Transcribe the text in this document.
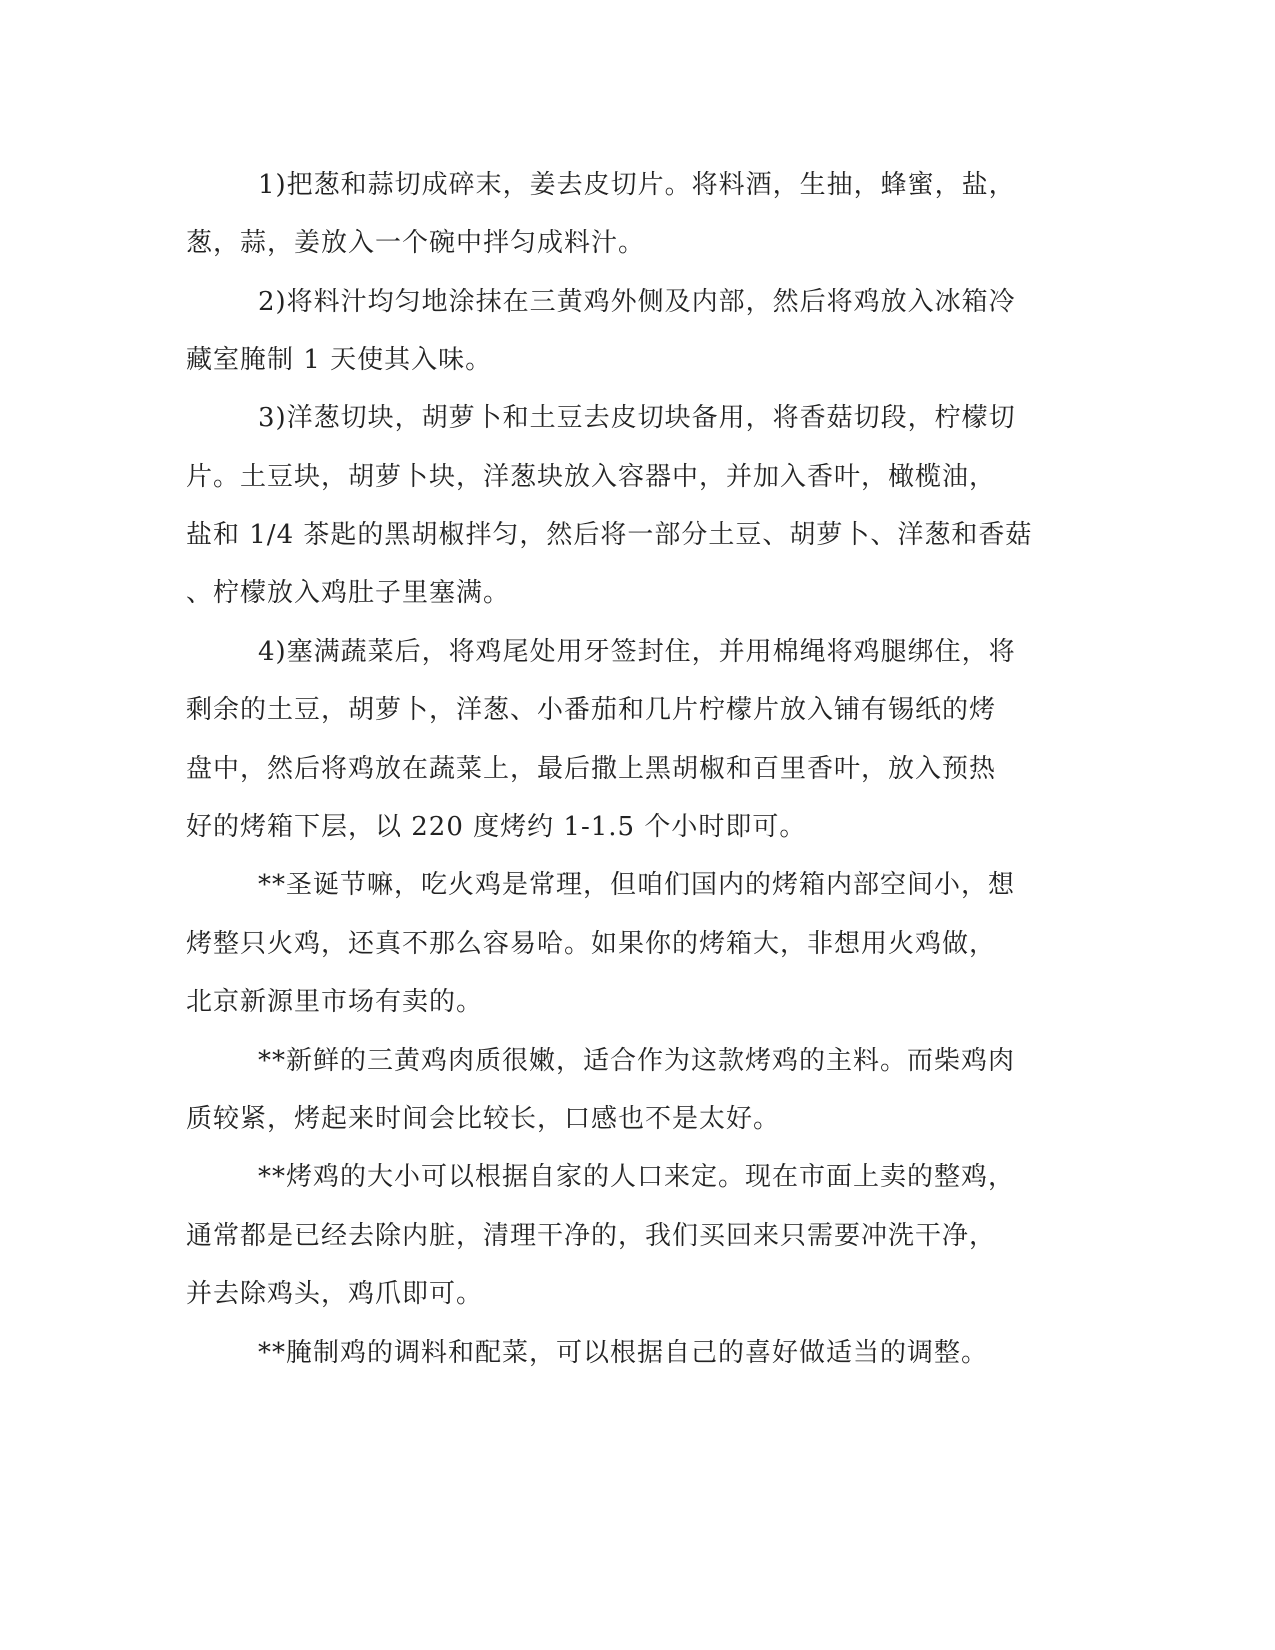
1)把葱和蒜切成碎末，姜去皮切片。将料酒，生抽，蜂蜜，盐，
葱，蒜，姜放入一个碗中拌匀成料汁。
2)将料汁均匀地涂抹在三黄鸡外侧及内部，然后将鸡放入冰箱冷
藏室腌制 1 天使其入味。
3)洋葱切块，胡萝卜和土豆去皮切块备用，将香菇切段，柠檬切
片。土豆块，胡萝卜块，洋葱块放入容器中，并加入香叶，橄榄油，
盐和 1/4 茶匙的黑胡椒拌匀，然后将一部分土豆、胡萝卜、洋葱和香菇
、柠檬放入鸡肚子里塞满。
4)塞满蔬菜后，将鸡尾处用牙签封住，并用棉绳将鸡腿绑住，将
剩余的土豆，胡萝卜，洋葱、小番茄和几片柠檬片放入铺有锡纸的烤
盘中，然后将鸡放在蔬菜上，最后撒上黑胡椒和百里香叶，放入预热
好的烤箱下层，以 220 度烤约 1-1.5 个小时即可。
**圣诞节嘛，吃火鸡是常理，但咱们国内的烤箱内部空间小，想
烤整只火鸡，还真不那么容易哈。如果你的烤箱大，非想用火鸡做，
北京新源里市场有卖的。
**新鲜的三黄鸡肉质很嫩，适合作为这款烤鸡的主料。而柴鸡肉
质较紧，烤起来时间会比较长，口感也不是太好。
**烤鸡的大小可以根据自家的人口来定。现在市面上卖的整鸡，
通常都是已经去除内脏，清理干净的，我们买回来只需要冲洗干净，
并去除鸡头，鸡爪即可。
**腌制鸡的调料和配菜，可以根据自己的喜好做适当的调整。
